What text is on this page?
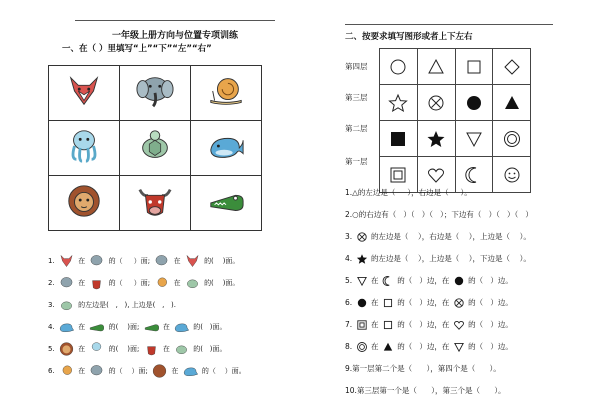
一年级上册方向与位置专项训练
一、在（ ）里填写“上”“下”“左”“右”

1.	在	的（ ）面;	在	的( )面。
2.	在	的（ ）面;	在	的( )面。
3.	的左边是( , ), 上边是( , ).
4.	在	的( )面;	在	的( )面。
5.	在	的( )面;	在	的( )面。
6.	在	的（ ）面;	在	的（ ）面。
二、按要求填写图形或者上下左右
第四层
第三层
第二层
第一层

1.△的左边是（ ），右边是（ ）。
2.○的右边有（ ）（ ）（ ）；下边有（ ）（ ）（ ）
3.	的左边是（ ），右边是（ ），上边是（ ）。
4.	的左边是（ ），上边是（ ），下边是（ ）。
5.	在	的（ ）边，在	的（ ）边。
6.	在	的（ ）边，在	的（ ）边。
7.	在	的（ ）边，在	的（ ）边。
8.	在	的（ ）边，在	的（ ）边。
9.第一层第二个是（ ），第四个是（ ）。
10.第三层第一个是（ ），第三个是（ ）。
